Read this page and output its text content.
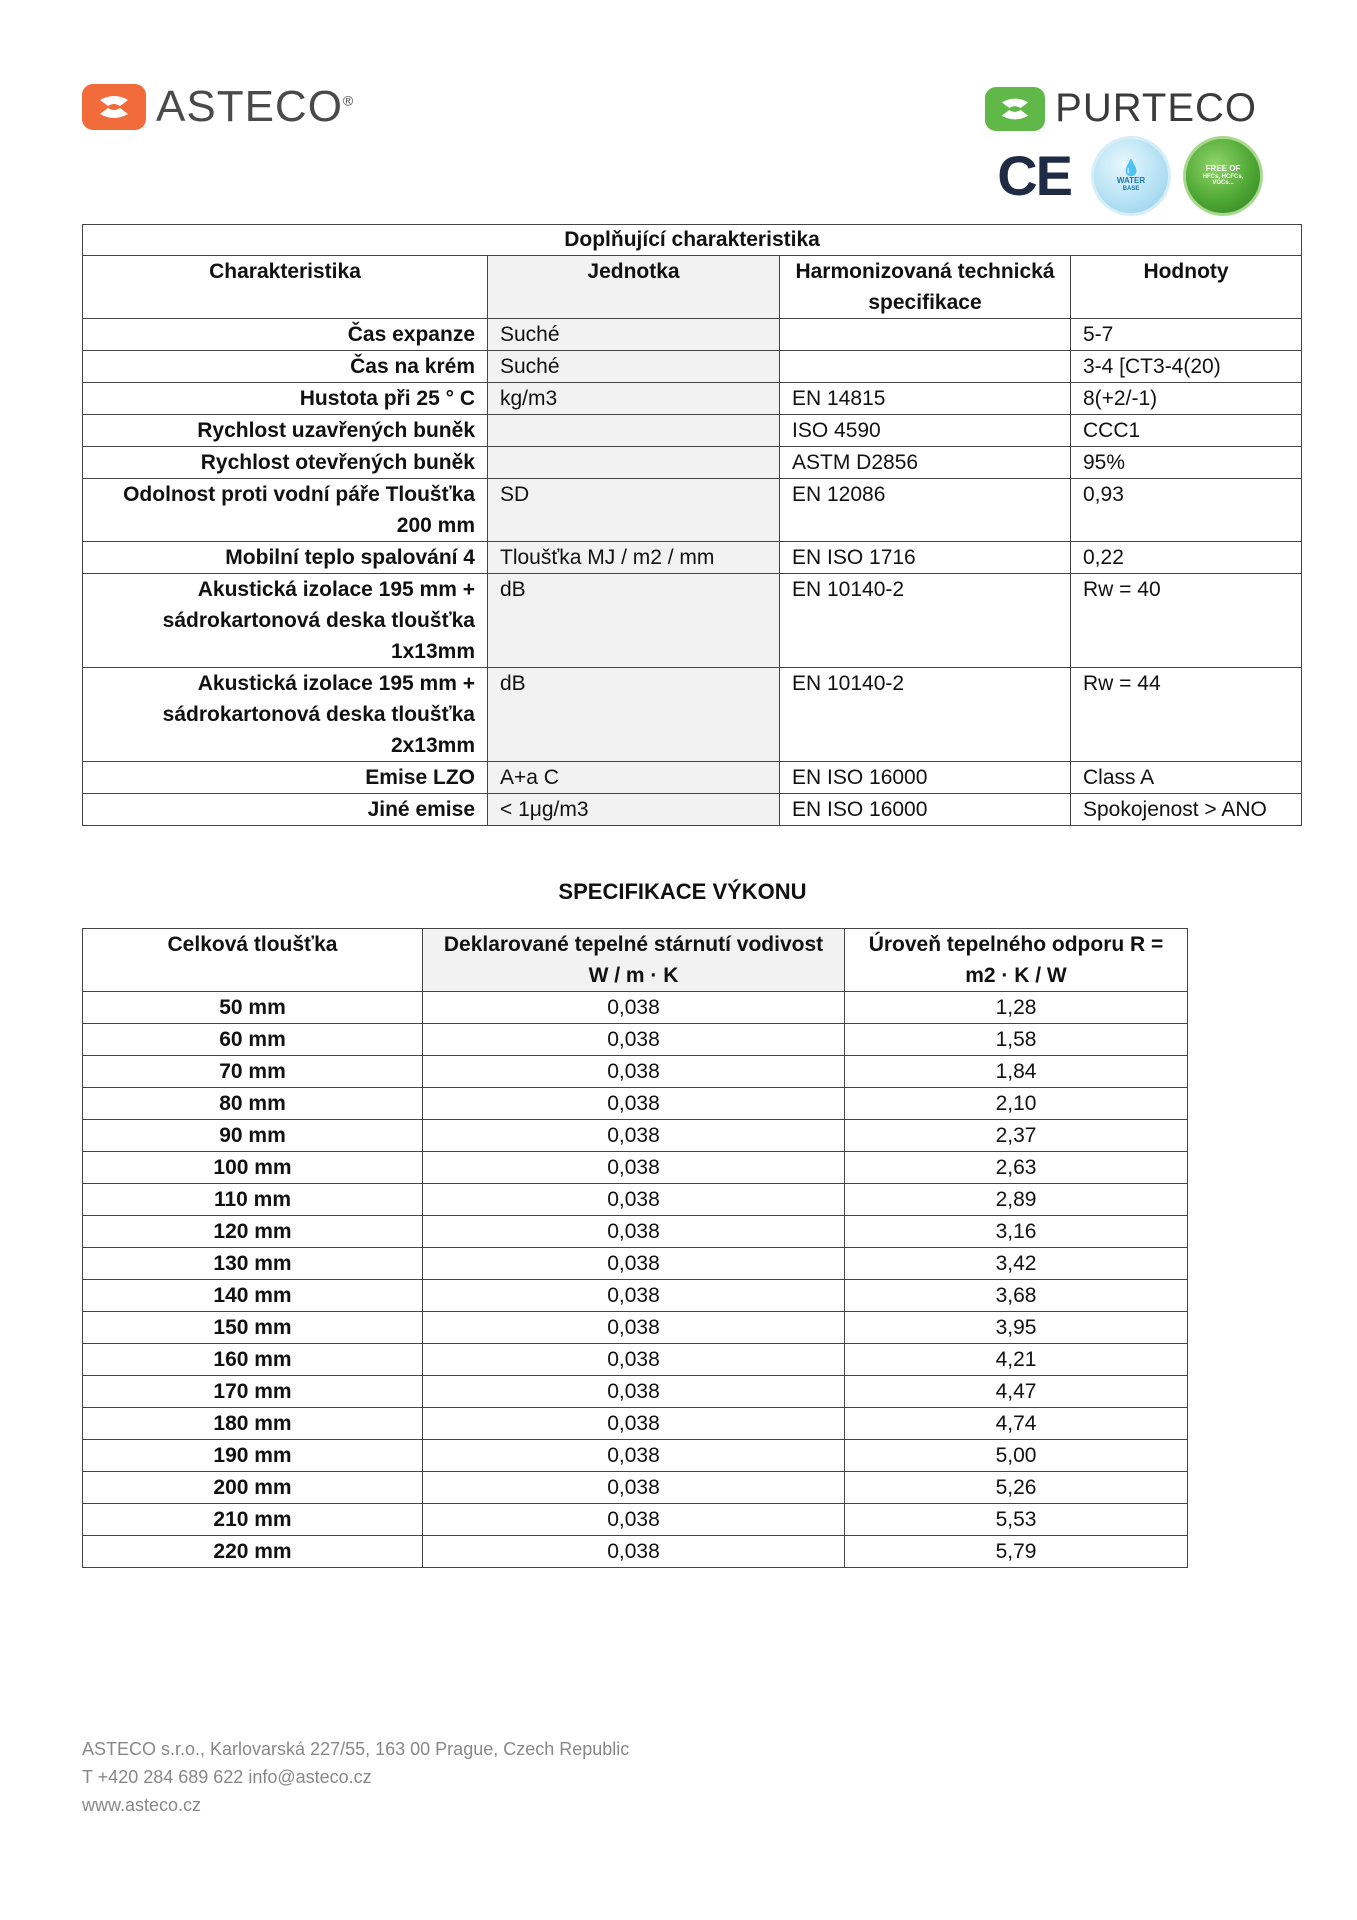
ASTECO®	PURTECO
CE	💧
WATER
BASE
FREE OF
HFCs, HCFCs,
VOCs...
Doplňující charakteristika			
Charakteristika	Jednotka	Harmonizovaná technická specifikace	Hodnoty
Čas expanze	Suché		5-7
Čas na krém	Suché		3-4 [CT3-4(20)
Hustota při 25 ° C	kg/m3	EN 14815	8(+2/-1)
Rychlost uzavřených buněk		ISO 4590	CCC1
Rychlost otevřených buněk		ASTM D2856	95%
Odolnost proti vodní páře Tloušťka 200 mm	SD	EN 12086	0,93
Mobilní teplo spalování 4	Tloušťka MJ / m2 / mm	EN ISO 1716	0,22
Akustická izolace 195 mm + sádrokartonová deska tloušťka 1x13mm	dB	EN 10140-2	Rw = 40
Akustická izolace 195 mm + sádrokartonová deska tloušťka 2x13mm	dB	EN 10140-2	Rw = 44
Emise LZO	A+a C	EN ISO 16000	Class A
Jiné emise	< 1μg/m3	EN ISO 16000	Spokojenost > ANO
SPECIFIKACE VÝKONU
Celková tloušťka	Deklarované tepelné stárnutí vodivost W / m · K	Úroveň tepelného odporu R = m2 · K / W
50 mm	0,038	1,28
60 mm	0,038	1,58
70 mm	0,038	1,84
80 mm	0,038	2,10
90 mm	0,038	2,37
100 mm	0,038	2,63
110 mm	0,038	2,89
120 mm	0,038	3,16
130 mm	0,038	3,42
140 mm	0,038	3,68
150 mm	0,038	3,95
160 mm	0,038	4,21
170 mm	0,038	4,47
180 mm	0,038	4,74
190 mm	0,038	5,00
200 mm	0,038	5,26
210 mm	0,038	5,53
220 mm	0,038	5,79
ASTECO s.r.o., Karlovarská 227/55, 163 00 Prague, Czech Republic
T +420 284 689 622 info@asteco.cz
www.asteco.cz
